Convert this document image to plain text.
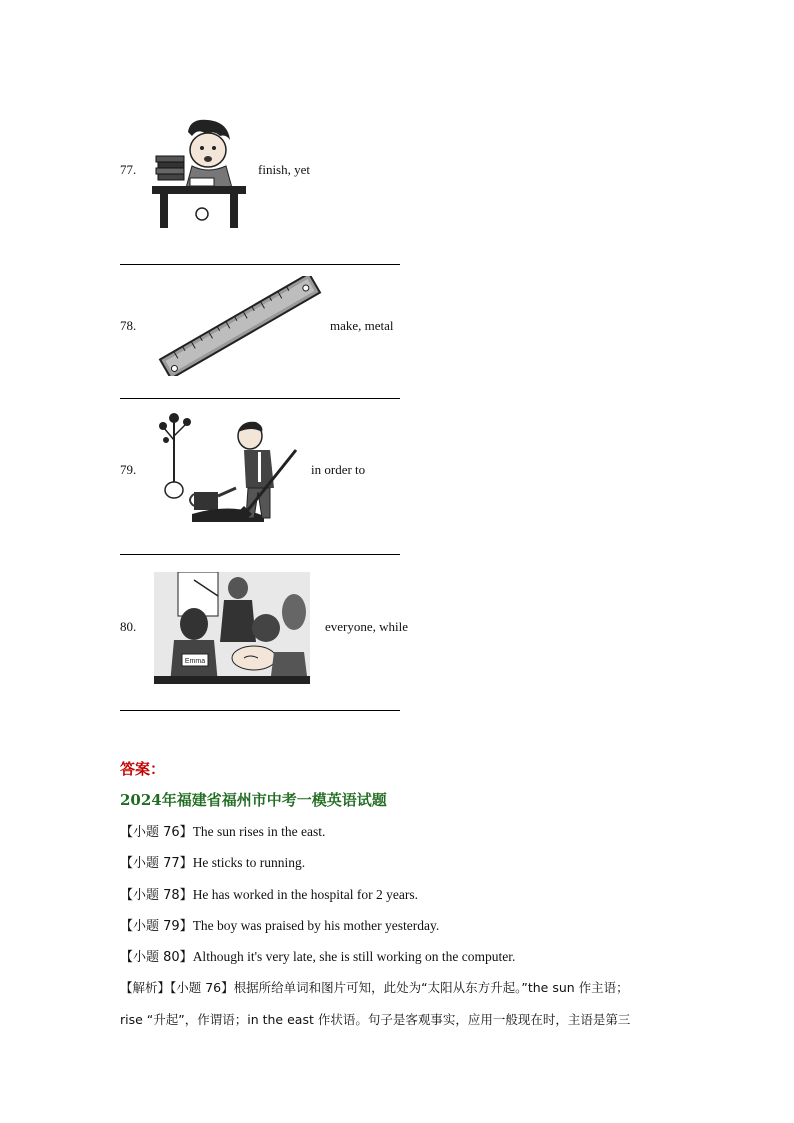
77.	finish, yet
78.	make, metal
79.	in order to
80.
Emma
everyone, while
答案：
2024年福建省福州市中考一模英语试题
【小题 76】The sun rises in the east.
【小题 77】He sticks to running.
【小题 78】He has worked in the hospital for 2 years.
【小题 79】The boy was praised by his mother yesterday.
【小题 80】Although it's very late, she is still working on the computer.
【解析】【小题 76】根据所给单词和图片可知，此处为“太阳从东方升起。”the sun 作主语；
rise “升起”，作谓语；in the east 作状语。句子是客观事实，应用一般现在时，主语是第三
